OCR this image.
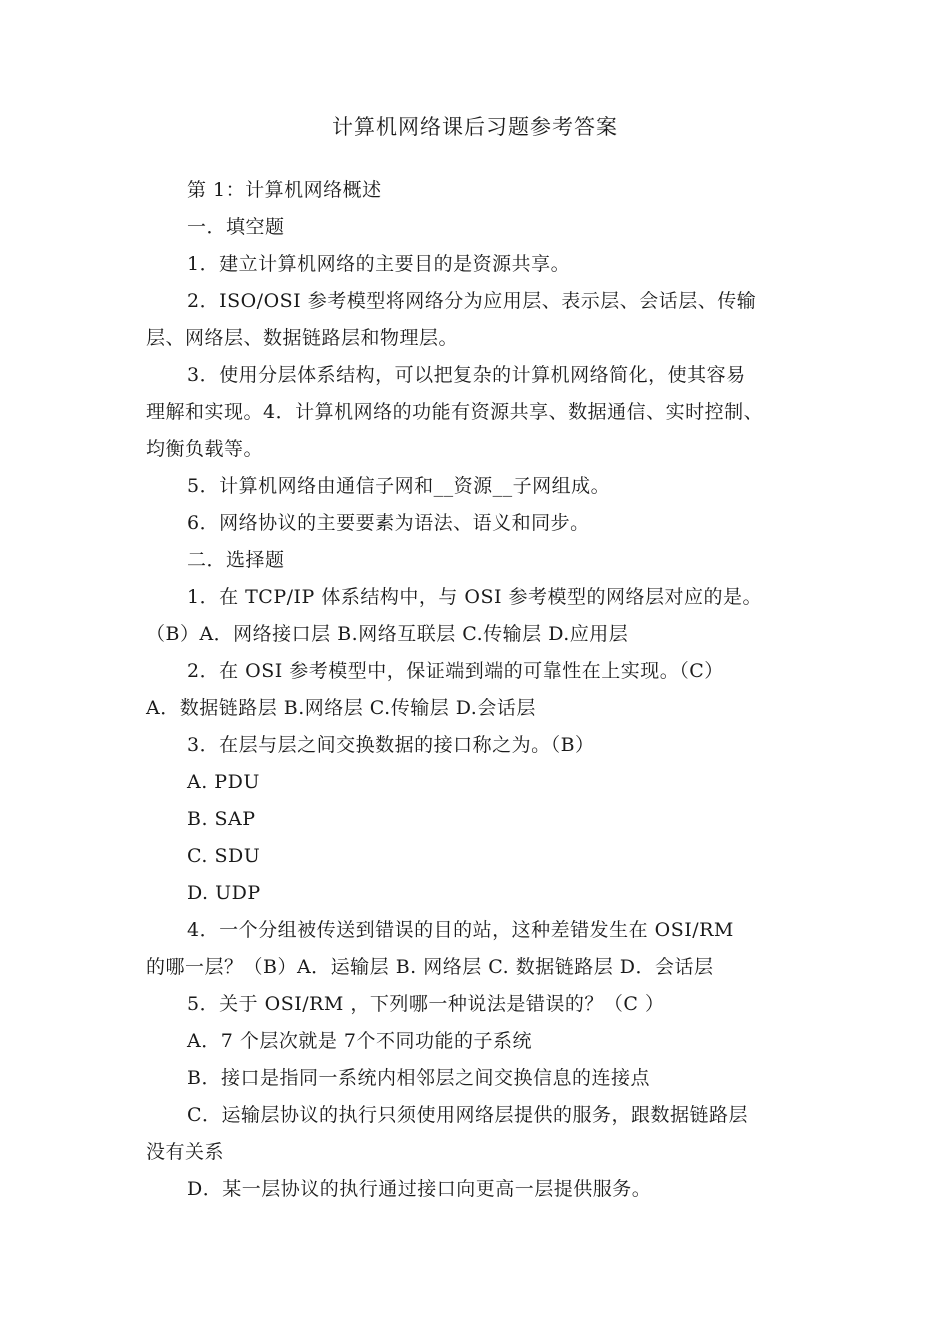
计算机网络课后习题参考答案

第 1：计算机网络概述

一．填空题

1．建立计算机网络的主要目的是资源共享。

2．ISO/OSI 参考模型将网络分为应用层、表示层、会话层、传输

层、网络层、数据链路层和物理层。

3．使用分层体系结构，可以把复杂的计算机网络简化，使其容易

理解和实现。4．计算机网络的功能有资源共享、数据通信、实时控制、

均衡负载等。

5．计算机网络由通信子网和__资源__子网组成。

6．网络协议的主要要素为语法、语义和同步。

二．选择题

1．在 TCP/IP 体系结构中，与 OSI 参考模型的网络层对应的是。

（B）A．网络接口层 B.网络互联层 C.传输层 D.应用层

2．在 OSI 参考模型中，保证端到端的可靠性在上实现。（C）

A．数据链路层 B.网络层 C.传输层 D.会话层

3．在层与层之间交换数据的接口称之为。（B）

A. PDU

B. SAP

C. SDU

D. UDP

4．一个分组被传送到错误的目的站，这种差错发生在 OSI/RM

的哪一层？（B）A．运输层 B. 网络层 C. 数据链路层 D．会话层

5．关于 OSI/RM ，下列哪一种说法是错误的？（C ）

A．7 个层次就是 7个不同功能的子系统

B．接口是指同一系统内相邻层之间交换信息的连接点

C．运输层协议的执行只须使用网络层提供的服务，跟数据链路层

没有关系

D．某一层协议的执行通过接口向更高一层提供服务。
